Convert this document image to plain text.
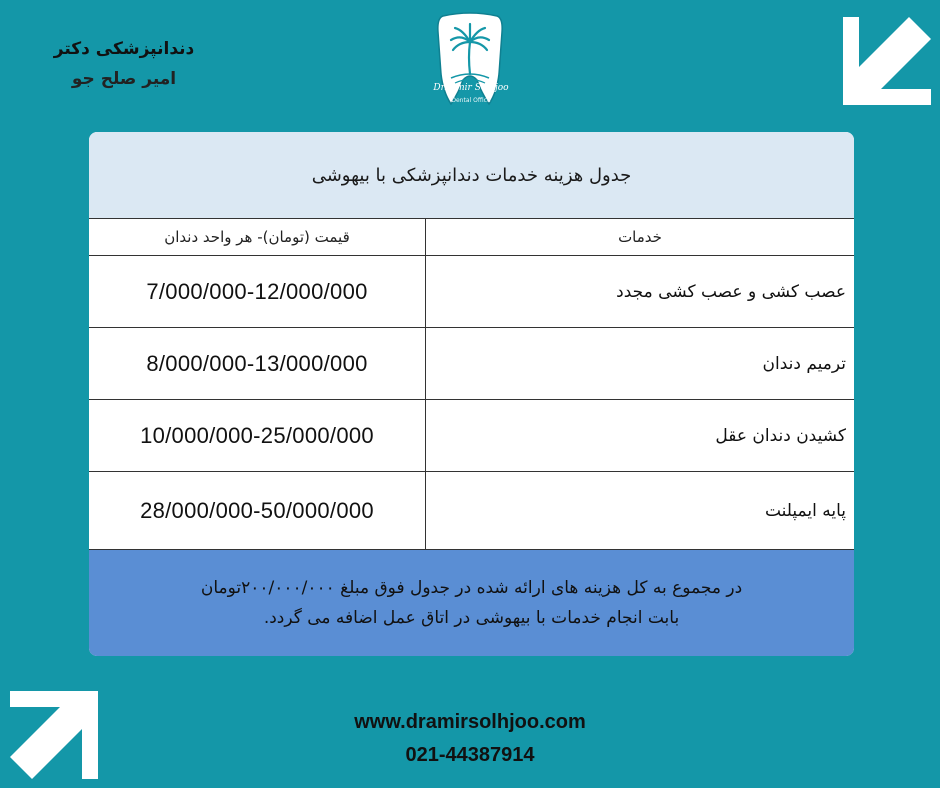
دندانپزشکی دکتر
امیر صلح جو	Dr. Amir Solhjoo
Dental Office
جدول هزینه خدمات دندانپزشکی با بیهوشی
قیمت (تومان)- هر واحد دندان	خدمات
عصب کشی و عصب کشی مجدد
7/000/000-12/000/000
ترمیم دندان
8/000/000-13/000/000
کشیدن دندان عقل
10/000/000-25/000/000
پایه ایمپلنت
28/000/000-50/000/000
در مجموع به کل هزینه های ارائه شده در جدول فوق مبلغ ۲۰۰/۰۰۰/۰۰۰تومان
بابت انجام خدمات با بیهوشی در اتاق عمل اضافه می گردد.
www.dramirsolhjoo.com
021-44387914
